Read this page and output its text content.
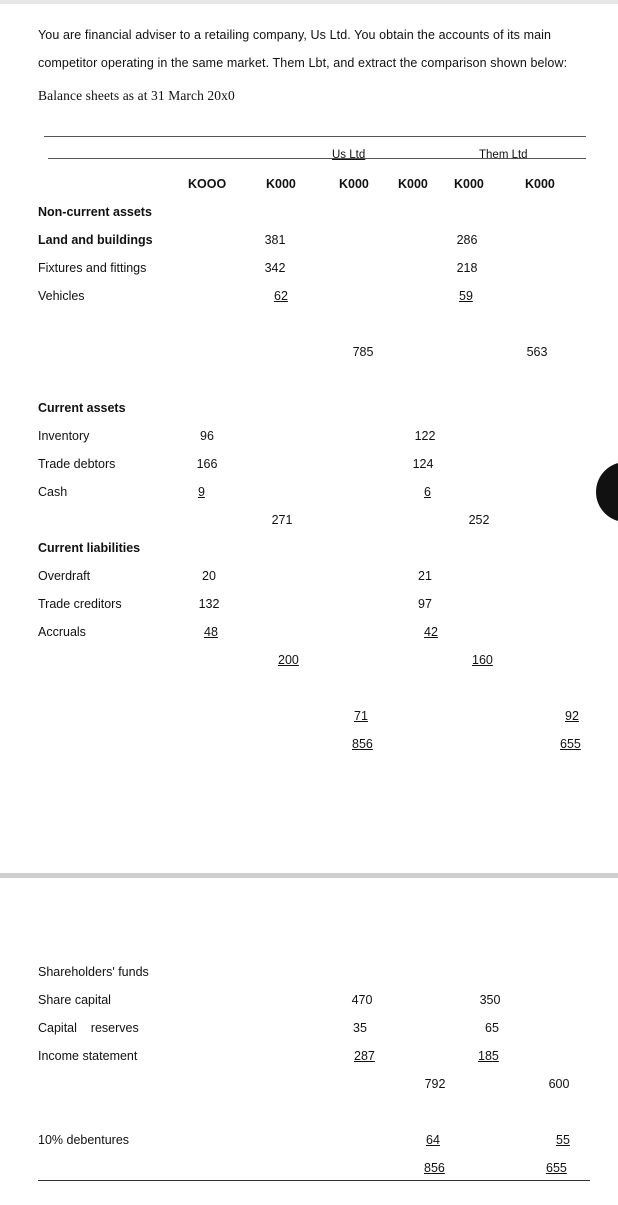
You are financial adviser to a retailing company, Us Ltd. You obtain the accounts of its main
competitor operating in the same market. Them Lbt, and extract the comparison shown below:
Balance sheets as at 31 March 20x0
Us Ltd	Them Ltd
KOOO	K000	K000 K000 K000	K000
Non-current assets
Land and buildings	381	286
Fixtures and fittings	342	218
Vehicles	62	59
785	563
Current assets
Inventory	96	122
Trade debtors	166	124
Cash	9	6
271	252
Current liabilities
Overdraft	20	21
Trade creditors	132	97
Accruals	48	42
200	160
71	92
856	655
Shareholders' funds
Share capital	470	350
Capital    reserves	35	65
Income statement	287	185
792	600
10% debentures	64	55
856	655
